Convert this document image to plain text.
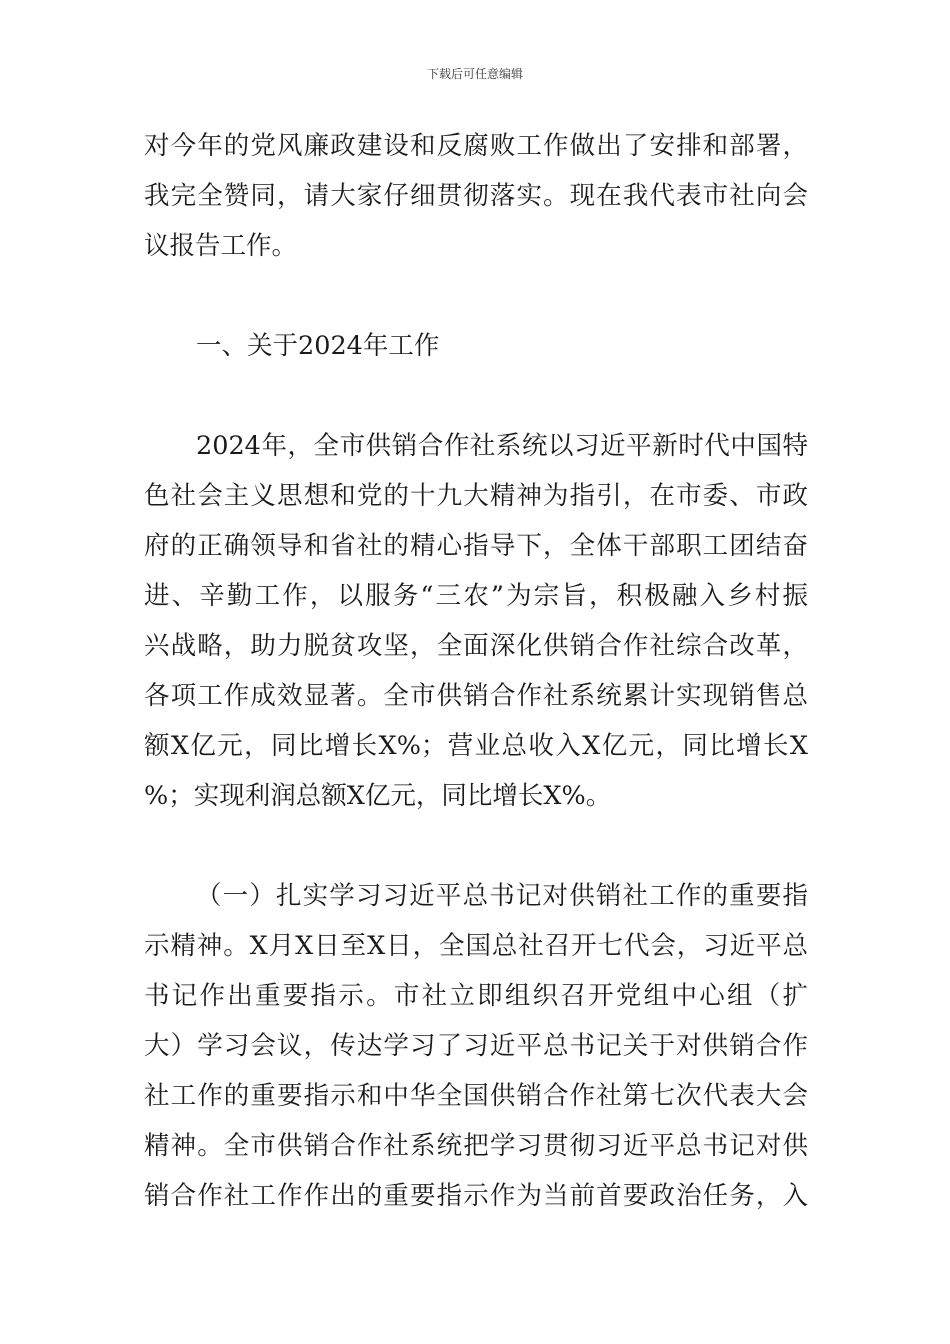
下载后可任意编辑
对今年的党风廉政建设和反腐败工作做出了安排和部署，
我完全赞同，请大家仔细贯彻落实。现在我代表市社向会
议报告工作。
一、关于2024年工作
2024年，全市供销合作社系统以习近平新时代中国特
色社会主义思想和党的十九大精神为指引，在市委、市政
府的正确领导和省社的精心指导下，全体干部职工团结奋
进、辛勤工作，以服务“三农”为宗旨，积极融入乡村振
兴战略，助力脱贫攻坚，全面深化供销合作社综合改革，
各项工作成效显著。全市供销合作社系统累计实现销售总
额X亿元，同比增长X%；营业总收入X亿元，同比增长X
%；实现利润总额X亿元，同比增长X%。
（一）扎实学习习近平总书记对供销社工作的重要指
示精神。X月X日至X日，全国总社召开七代会，习近平总
书记作出重要指示。市社立即组织召开党组中心组（扩
大）学习会议，传达学习了习近平总书记关于对供销合作
社工作的重要指示和中华全国供销合作社第七次代表大会
精神。全市供销合作社系统把学习贯彻习近平总书记对供
销合作社工作作出的重要指示作为当前首要政治任务，入
